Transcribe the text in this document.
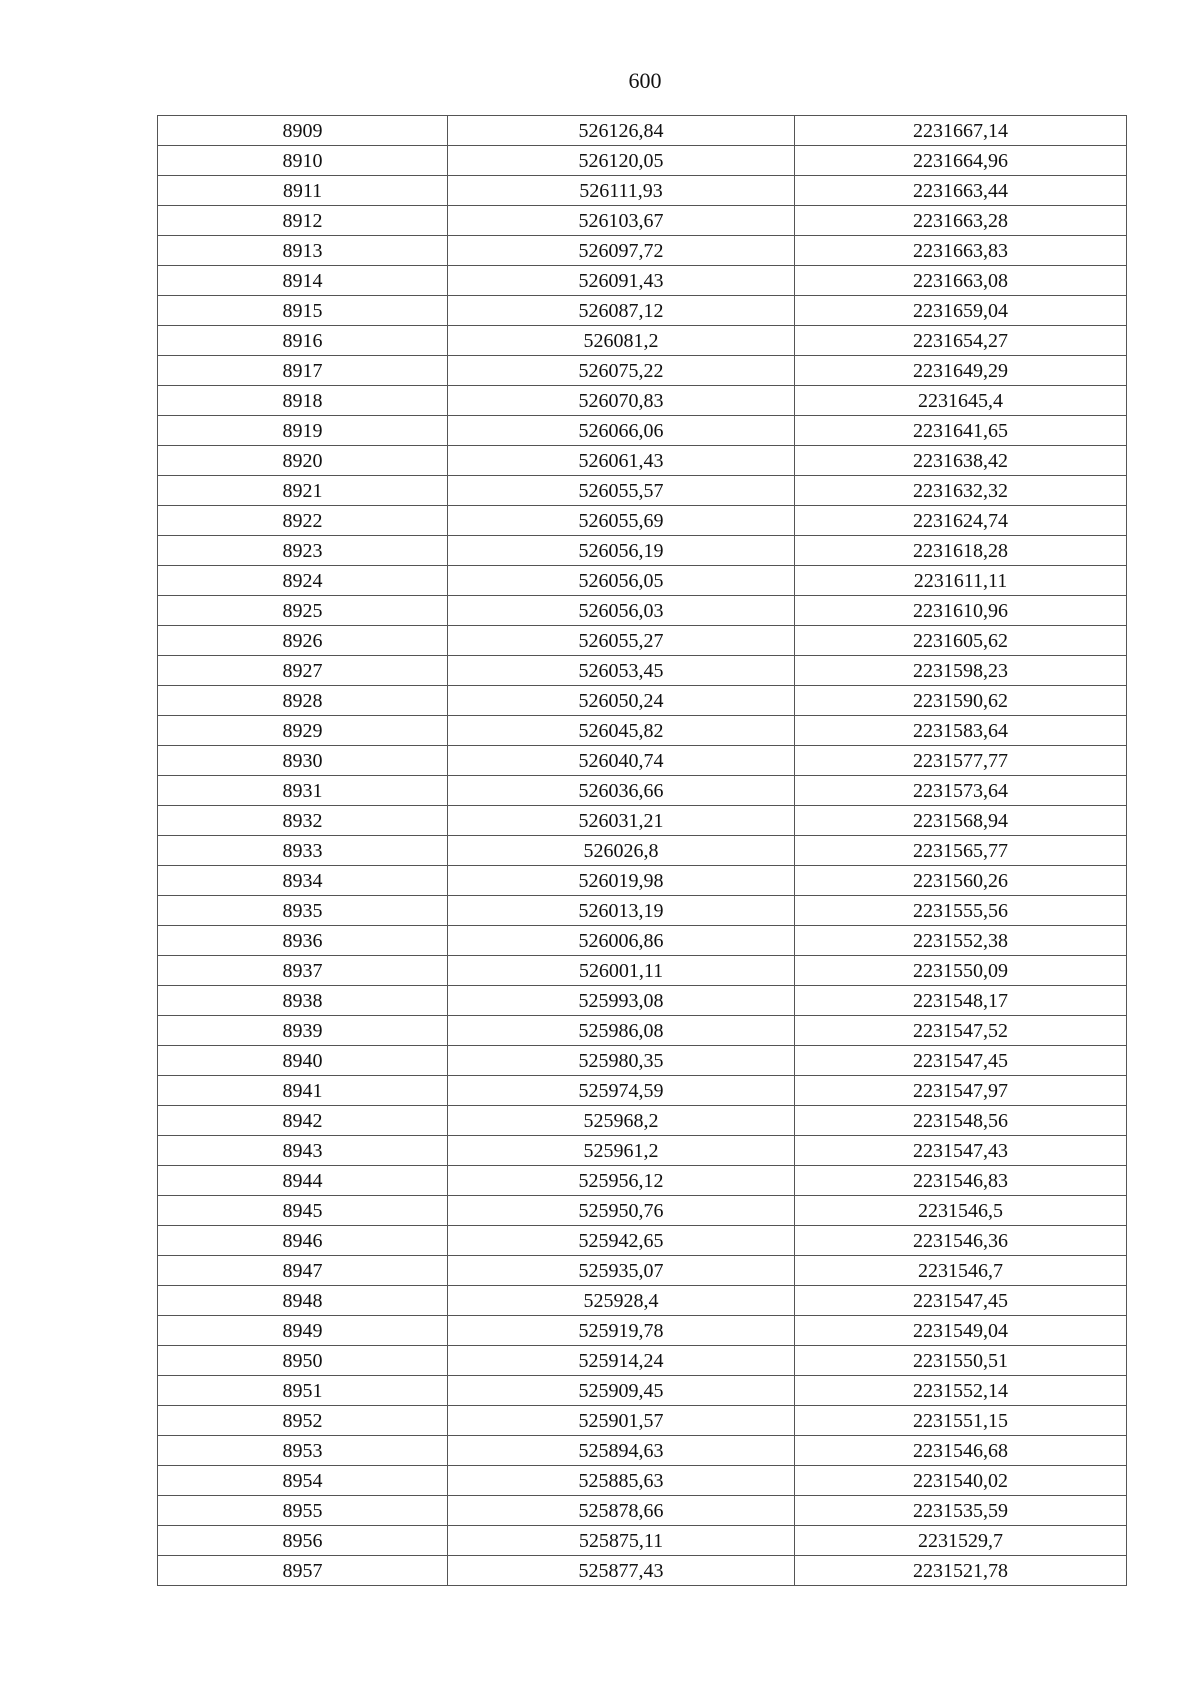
600
8909	526126,84	2231667,14
8910	526120,05	2231664,96
8911	526111,93	2231663,44
8912	526103,67	2231663,28
8913	526097,72	2231663,83
8914	526091,43	2231663,08
8915	526087,12	2231659,04
8916	526081,2	2231654,27
8917	526075,22	2231649,29
8918	526070,83	2231645,4
8919	526066,06	2231641,65
8920	526061,43	2231638,42
8921	526055,57	2231632,32
8922	526055,69	2231624,74
8923	526056,19	2231618,28
8924	526056,05	2231611,11
8925	526056,03	2231610,96
8926	526055,27	2231605,62
8927	526053,45	2231598,23
8928	526050,24	2231590,62
8929	526045,82	2231583,64
8930	526040,74	2231577,77
8931	526036,66	2231573,64
8932	526031,21	2231568,94
8933	526026,8	2231565,77
8934	526019,98	2231560,26
8935	526013,19	2231555,56
8936	526006,86	2231552,38
8937	526001,11	2231550,09
8938	525993,08	2231548,17
8939	525986,08	2231547,52
8940	525980,35	2231547,45
8941	525974,59	2231547,97
8942	525968,2	2231548,56
8943	525961,2	2231547,43
8944	525956,12	2231546,83
8945	525950,76	2231546,5
8946	525942,65	2231546,36
8947	525935,07	2231546,7
8948	525928,4	2231547,45
8949	525919,78	2231549,04
8950	525914,24	2231550,51
8951	525909,45	2231552,14
8952	525901,57	2231551,15
8953	525894,63	2231546,68
8954	525885,63	2231540,02
8955	525878,66	2231535,59
8956	525875,11	2231529,7
8957	525877,43	2231521,78
